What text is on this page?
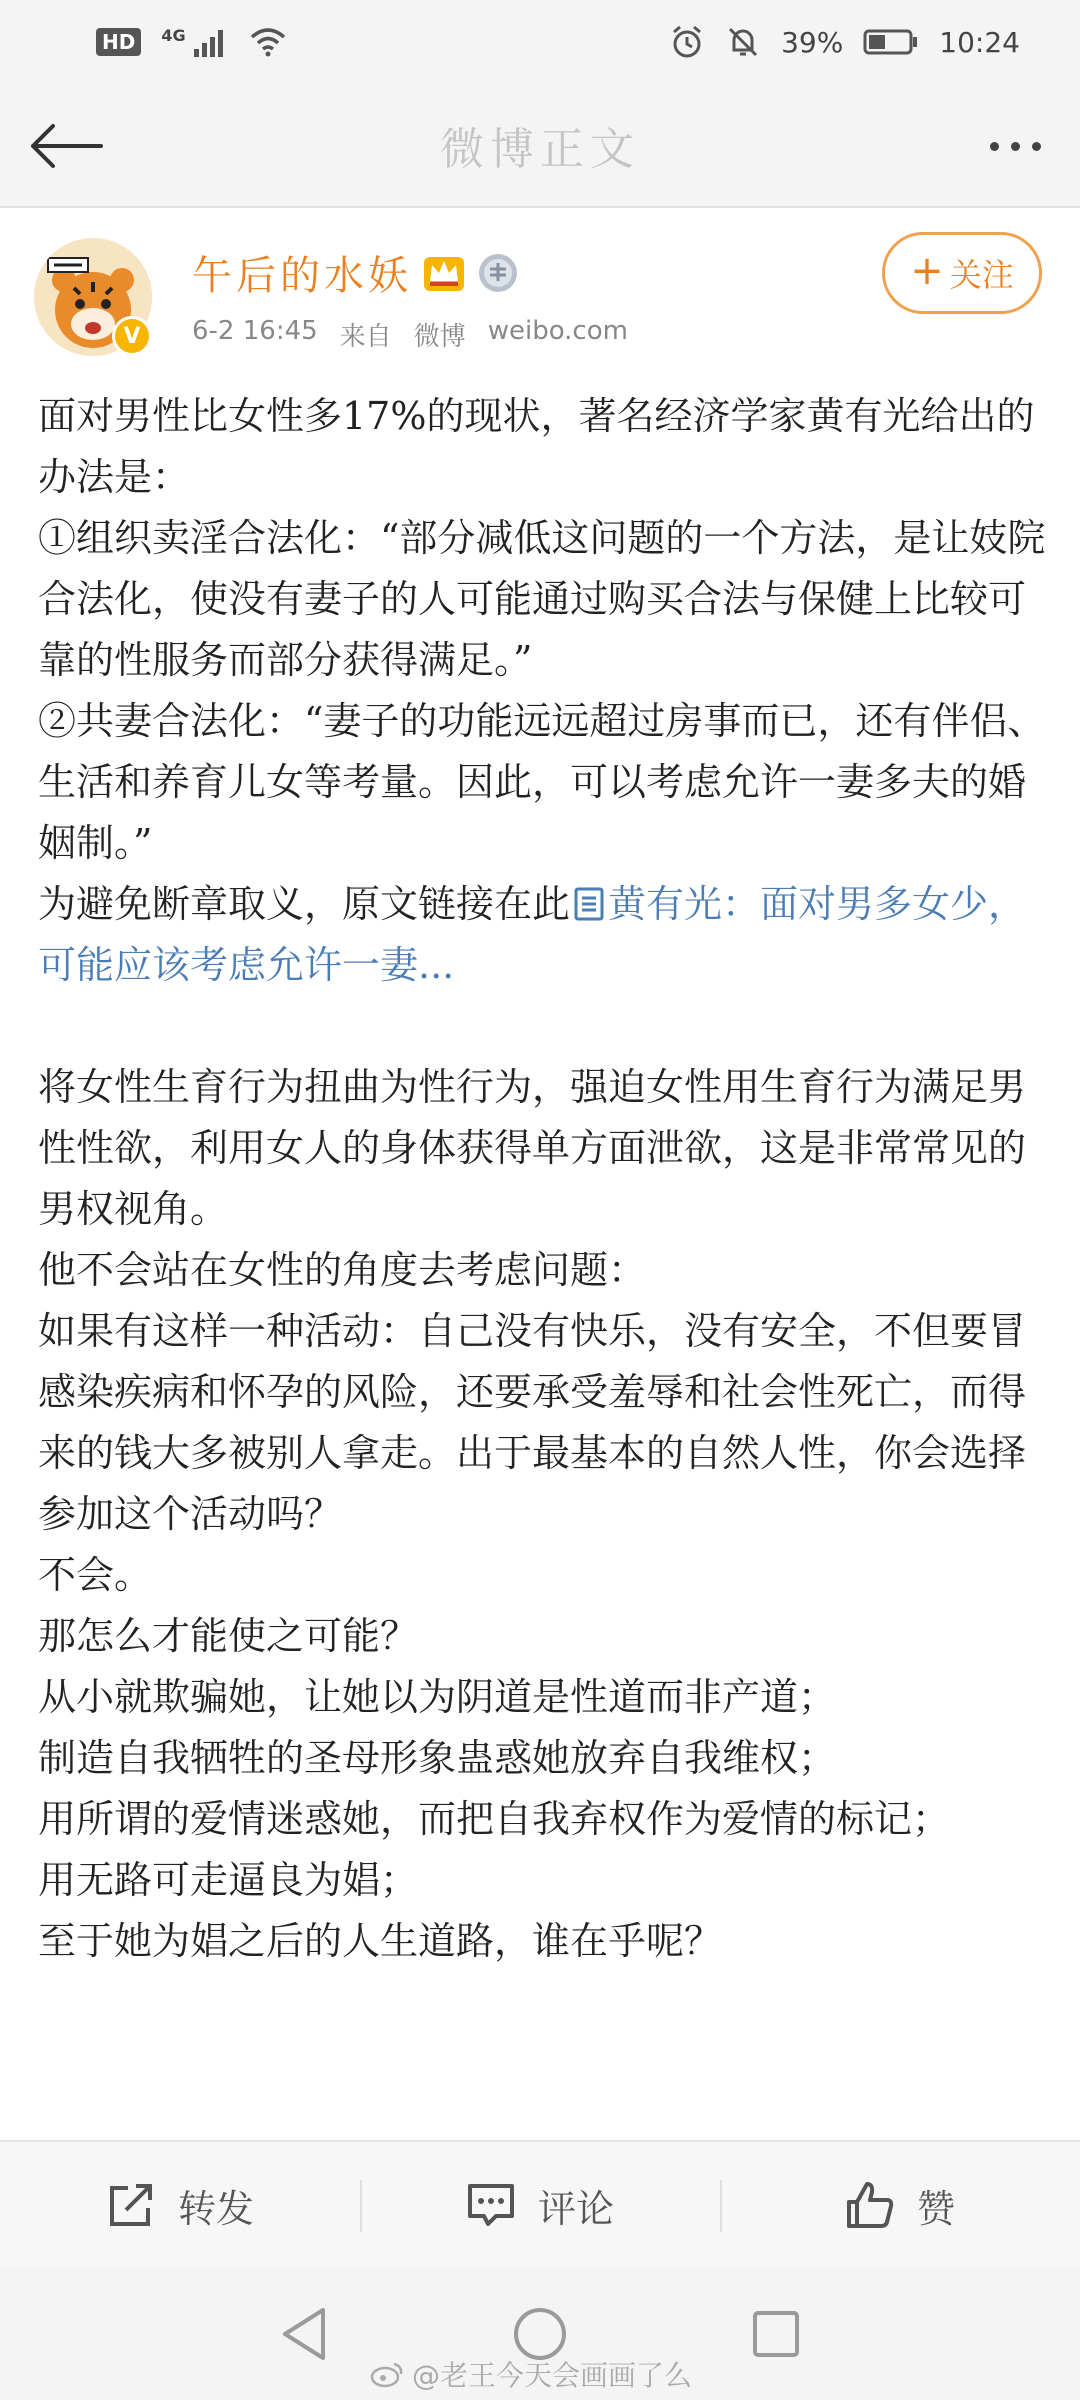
HD	4G	39%	10:24
微博正文
V
午后的水妖
6-2 16:45 来自 微博 weibo.com
+ 关注

面对男性比女性多17%的现状，著名经济学家黄有光给出的办法是：

①组织卖淫合法化：“部分减低这问题的一个方法，是让妓院合法化，使没有妻子的人可能通过购买合法与保健上比较可靠的性服务而部分获得满足。”

②共妻合法化：“妻子的功能远远超过房事而已，还有伴侣、生活和养育儿女等考量。因此，可以考虑允许一妻多夫的婚姻制。”

为避免断章取义，原文链接在此 黄有光：面对男多女少，可能应该考虑允许一妻...

将女性生育行为扭曲为性行为，强迫女性用生育行为满足男性性欲，利用女人的身体获得单方面泄欲，这是非常常见的男权视角。

他不会站在女性的角度去考虑问题：

如果有这样一种活动：自己没有快乐，没有安全，不但要冒感染疾病和怀孕的风险，还要承受羞辱和社会性死亡，而得来的钱大多被别人拿走。出于最基本的自然人性，你会选择参加这个活动吗？

不会。

那怎么才能使之可能？

从小就欺骗她，让她以为阴道是性道而非产道；

制造自我牺牲的圣母形象蛊惑她放弃自我维权；

用所谓的爱情迷惑她，而把自我弃权作为爱情的标记；

用无路可走逼良为娼；

至于她为娼之后的人生道路，谁在乎呢？

转发	评论	赞
@老王今天会画画了么
